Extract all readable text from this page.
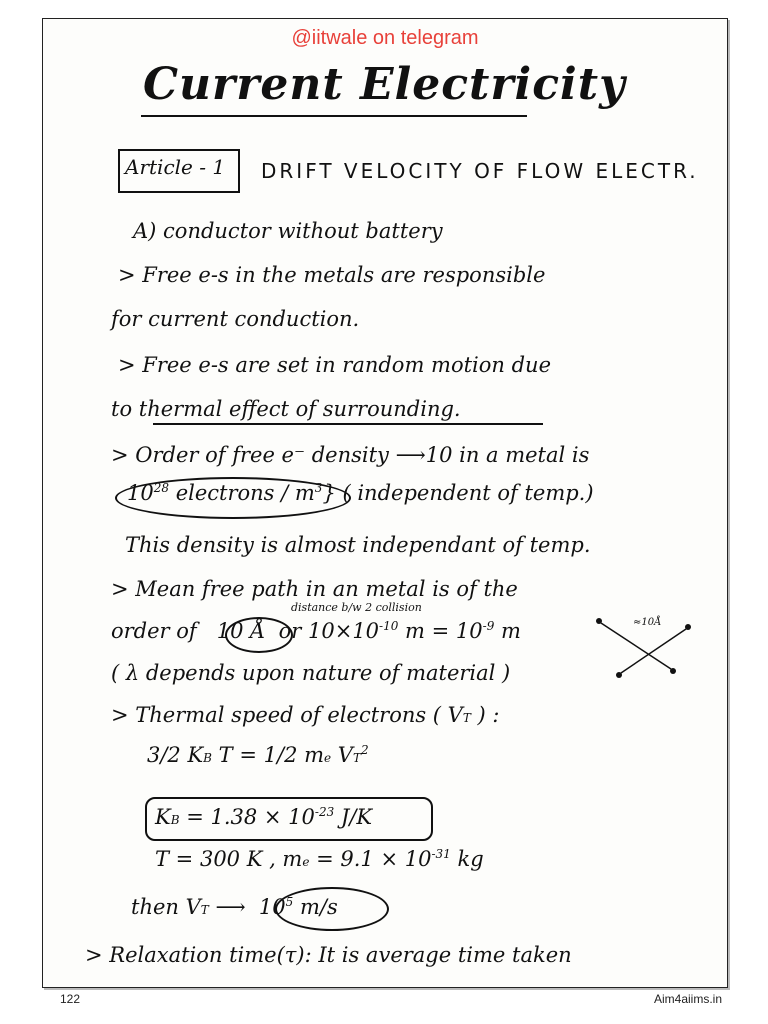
@iitwale on telegram
Current Electricity
Article - 1 DRIFT VELOCITY OF FLOW ELECTR.
A) conductor without battery
> Free e-s in the metals are responsible
for current conduction.
> Free e-s are set in random motion due
to thermal effect of surrounding.
> Order of free e⁻ density ⟶10 in a metal is
$10^{28}$ electrons / $m^3$} ( independent of temp.)
This density is almost independant of temp.
> Mean free path in an metal is of the
distance b/w 2 collision
order of 10 Å or $10\times 10^{-10}$ $m = 10^{-9}$ m	≈10Å
( λ depends upon nature of material )
> Thermal speed of electrons ( VT ) :
3/2 KB T = 1/2 me $VT^2$
KB = $1.38 \times 10^{-23}$ J/K
T = 300 K , me = $9.1 \times 10^{-31}$ kg
then VT ⟶ $10^5$ m/s
> Relaxation time(τ): It is average time taken
122	Aim4aiims.in
